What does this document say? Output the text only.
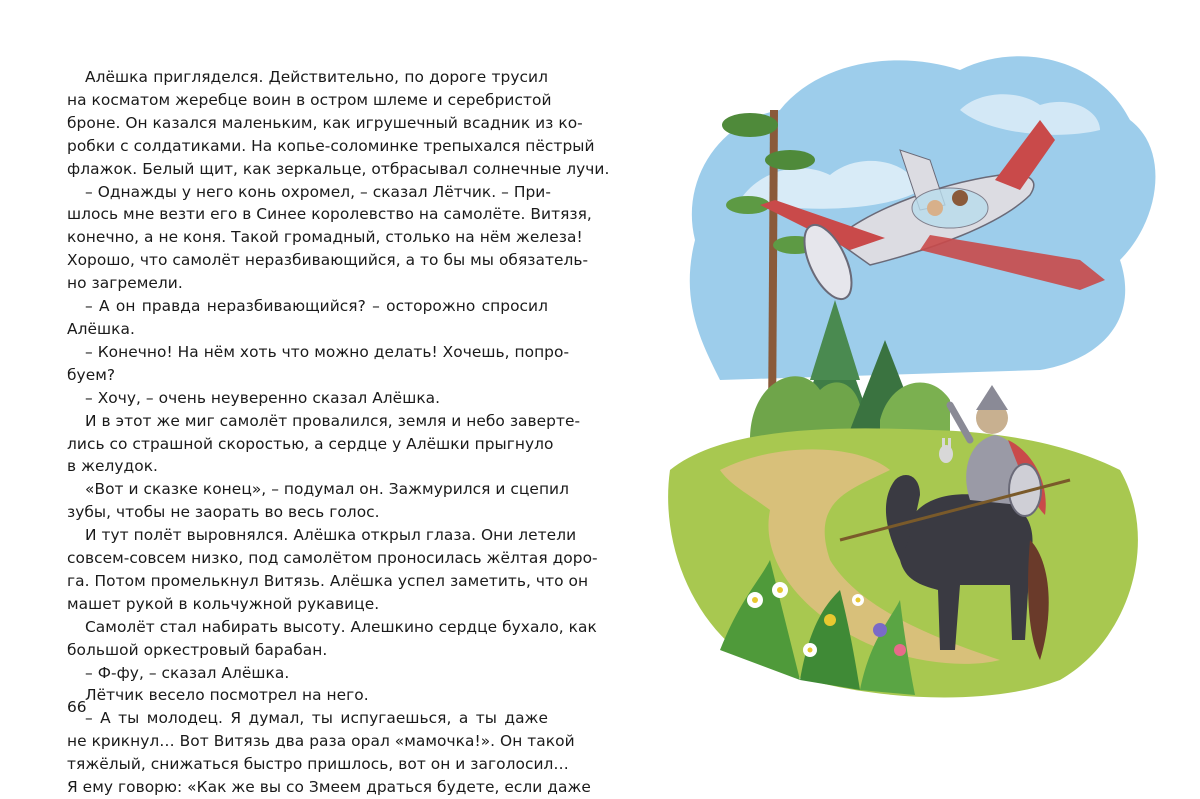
Алёшка пригляделся. Действительно, по дороге трусил
на косматом жеребце воин в остром шлеме и серебристой
броне. Он казался маленьким, как игрушечный всадник из ко-
робки с солдатиками. На копье-соломинке трепыхался пёстрый
флажок. Белый щит, как зеркальце, отбрасывал солнечные лучи.
– Однажды у него конь охромел, – сказал Лётчик. – При-
шлось мне везти его в Синее королевство на самолёте. Витязя,
конечно, а не коня. Такой громадный, столько на нём железа!
Хорошо, что самолёт неразбивающийся, а то бы мы обязатель-
но загремели.
– А он правда неразбивающийся? – осторожно спросил
Алёшка.
– Конечно! На нём хоть что можно делать! Хочешь, попро-
буем?
– Хочу, – очень неуверенно сказал Алёшка.
И в этот же миг самолёт провалился, земля и небо заверте-
лись со страшной скоростью, а сердце у Алёшки прыгнуло
в желудок.
«Вот и сказке конец», – подумал он. Зажмурился и сцепил
зубы, чтобы не заорать во весь голос.
И тут полёт выровнялся. Алёшка открыл глаза. Они летели
совсем-совсем низко, под самолётом проносилась жёлтая доро-
га. Потом промелькнул Витязь. Алёшка успел заметить, что он
машет рукой в кольчужной рукавице.
Самолёт стал набирать высоту. Алешкино сердце бухало, как
большой оркестровый барабан.
– Ф-фу, – сказал Алёшка.
Лётчик весело посмотрел на него.
– А ты молодец. Я думал, ты испугаешься, а ты даже
не крикнул… Вот Витязь два раза орал «мамочка!». Он такой
тяжёлый, снижаться быстро пришлось, вот он и заголосил…
Я ему говорю: «Как же вы со Змеем драться будете, если даже
66
